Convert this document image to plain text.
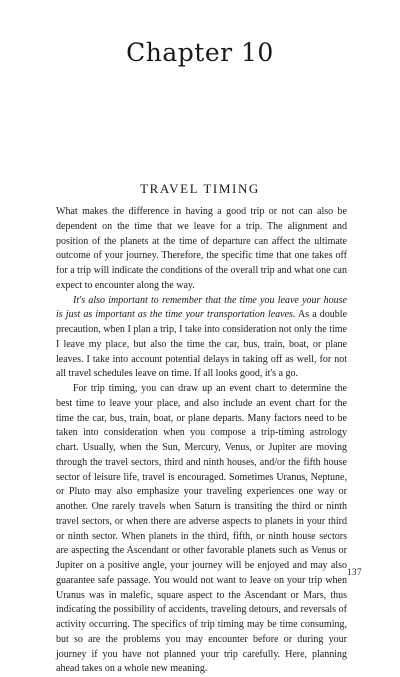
Chapter 10
TRAVEL TIMING

What makes the difference in having a good trip or not can also be dependent on the time that we leave for a trip. The alignment and position of the planets at the time of departure can affect the ultimate outcome of your journey. Therefore, the specific time that one takes off for a trip will indicate the conditions of the overall trip and what one can expect to encounter along the way.

It's also important to remember that the time you leave your house is just as important as the time your transportation leaves. As a double precaution, when I plan a trip, I take into consideration not only the time I leave my place, but also the time the car, bus, train, boat, or plane leaves. I take into account potential delays in taking off as well, for not all travel schedules leave on time. If all looks good, it's a go.

For trip timing, you can draw up an event chart to determine the best time to leave your place, and also include an event chart for the time the car, bus, train, boat, or plane departs. Many factors need to be taken into consideration when you compose a trip-timing astrology chart. Usually, when the Sun, Mercury, Venus, or Jupiter are moving through the travel sectors, third and ninth houses, and/or the fifth house sector of leisure life, travel is encouraged. Sometimes Uranus, Neptune, or Pluto may also emphasize your traveling experiences one way or another. One rarely travels when Saturn is transiting the third or ninth travel sectors, or when there are adverse aspects to planets in your third or ninth sector. When planets in the third, fifth, or ninth house sectors are aspecting the Ascendant or other favorable planets such as Venus or Jupiter on a positive angle, your journey will be enjoyed and may also guarantee safe passage. You would not want to leave on your trip when Uranus was in malefic, square aspect to the Ascendant or Mars, thus indicating the possibility of accidents, traveling detours, and reversals of activity occurring. The specifics of trip timing may be time consuming, but so are the problems you may encounter before or during your journey if you have not planned your trip carefully. Here, planning ahead takes on a whole new meaning.

137
